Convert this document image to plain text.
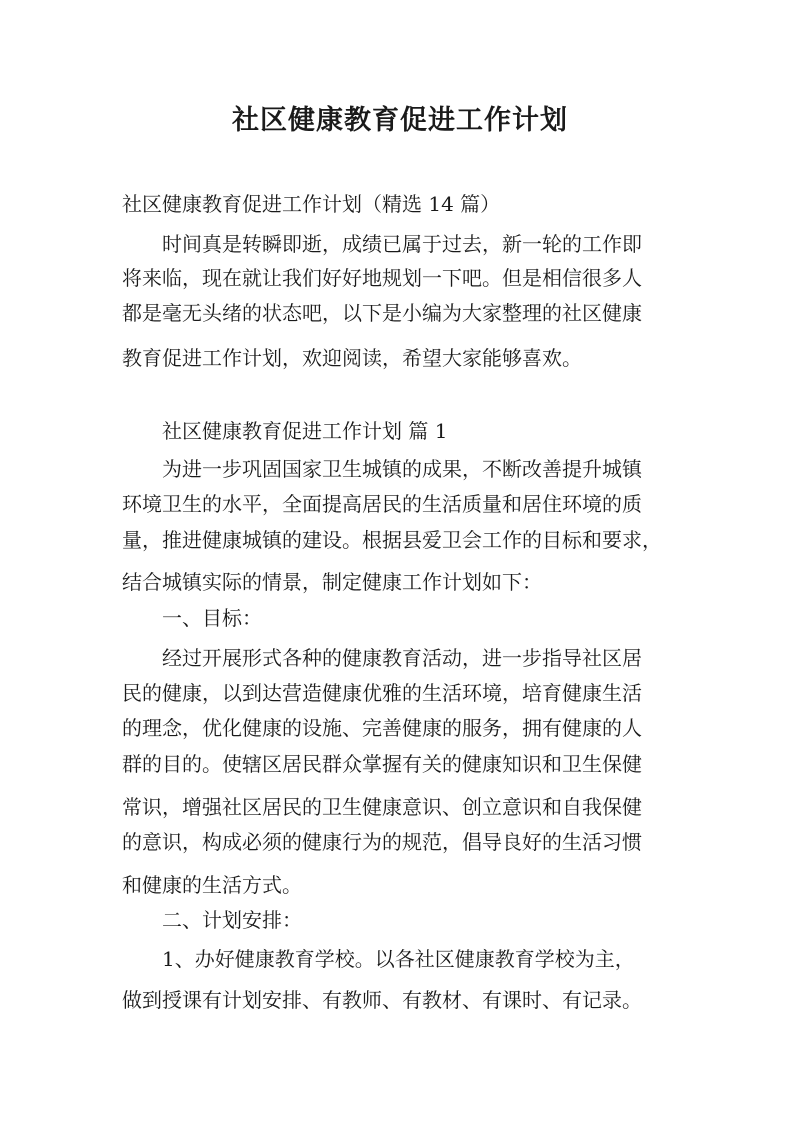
社区健康教育促进工作计划

社区健康教育促进工作计划（精选 14 篇）

时间真是转瞬即逝，成绩已属于过去，新一轮的工作即

将来临，现在就让我们好好地规划一下吧。但是相信很多人

都是毫无头绪的状态吧，以下是小编为大家整理的社区健康

教育促进工作计划，欢迎阅读，希望大家能够喜欢。

社区健康教育促进工作计划 篇 1

为进一步巩固国家卫生城镇的成果，不断改善提升城镇

环境卫生的水平，全面提高居民的生活质量和居住环境的质

量，推进健康城镇的建设。根据县爱卫会工作的目标和要求，

结合城镇实际的情景，制定健康工作计划如下：

一、目标：

经过开展形式各种的健康教育活动，进一步指导社区居

民的健康，以到达营造健康优雅的生活环境，培育健康生活

的理念，优化健康的设施、完善健康的服务，拥有健康的人

群的目的。使辖区居民群众掌握有关的健康知识和卫生保健

常识，增强社区居民的卫生健康意识、创立意识和自我保健

的意识，构成必须的健康行为的规范，倡导良好的生活习惯

和健康的生活方式。

二、计划安排：

1、办好健康教育学校。以各社区健康教育学校为主，

做到授课有计划安排、有教师、有教材、有课时、有记录。
